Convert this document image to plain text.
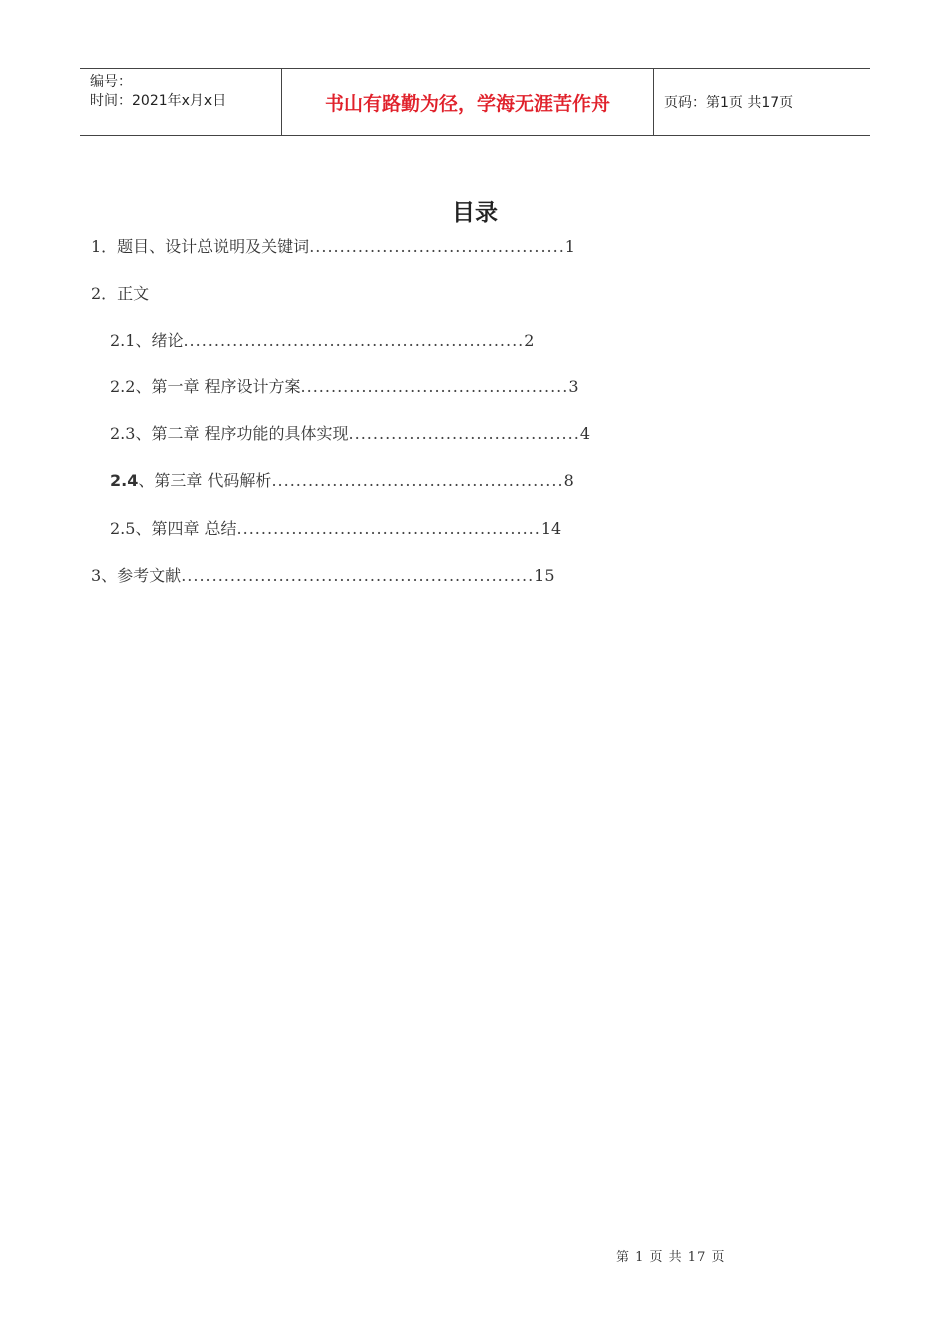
编号：
时间：2021年x月x日	书山有路勤为径，学海无涯苦作舟	页码：第1页 共17页
目录
1．题目、设计总说明及关键词..........................................1
2．正文
2.1、绪论........................................................2
2.2、第一章 程序设计方案............................................3
2.3、第二章 程序功能的具体实现......................................4
2.4、第三章 代码解析................................................8
2.5、第四章 总结..................................................14
3、参考文献..........................................................15
第 1 页 共 17 页
